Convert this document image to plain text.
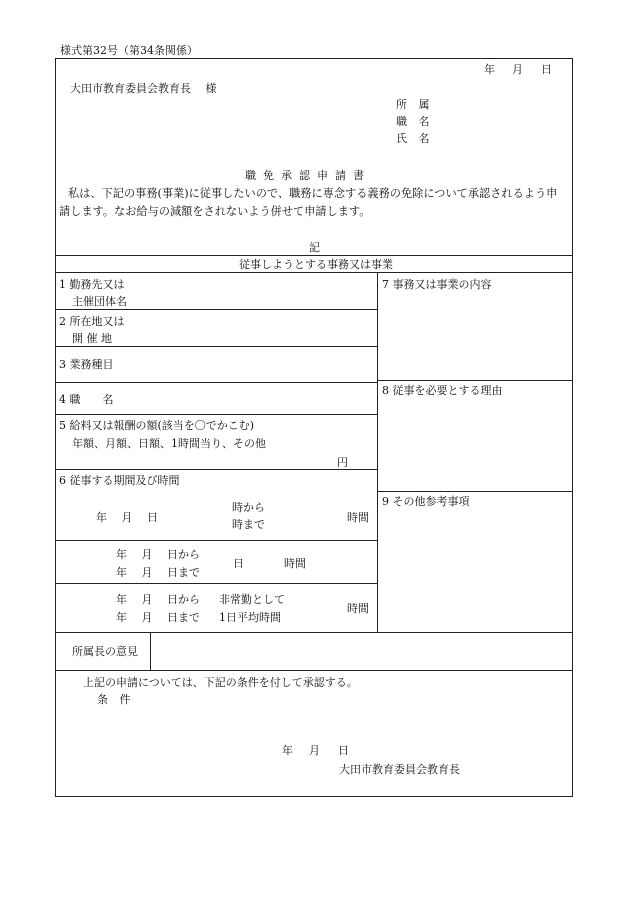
様式第32号（第34条関係）
年 月 日
大田市教育委員会教育長　 様
所 属
職 名
氏 名
職免承認申請書
私は、下記の事務(事業)に従事したいので、職務に専念する義務の免除について承認されるよう申
請します。なお給与の減額をされないよう併せて申請します。
記
従事しようとする事務又は事業
1 勤務先又は
主催団体名
2 所在地又は
開 催 地
3 業務種目
4 職　　名
5 給料又は報酬の額(該当を〇でかこむ)
年額、月額、日額、1時間当り、その他
円
6 従事する期間及び時間
年　 月　 日
時から
時まで
時間
年　 月　 日から
年　 月　 日まで
日	時間
年　 月　 日から
年　 月　 日まで
非常勤として
1日平均時間
時間
7 事務又は事業の内容
8 従事を必要とする理由
9 その他参考事項
所属長の意見
上記の申請については、下記の条件を付して承認する。
条 件
年 月 日
大田市教育委員会教育長
